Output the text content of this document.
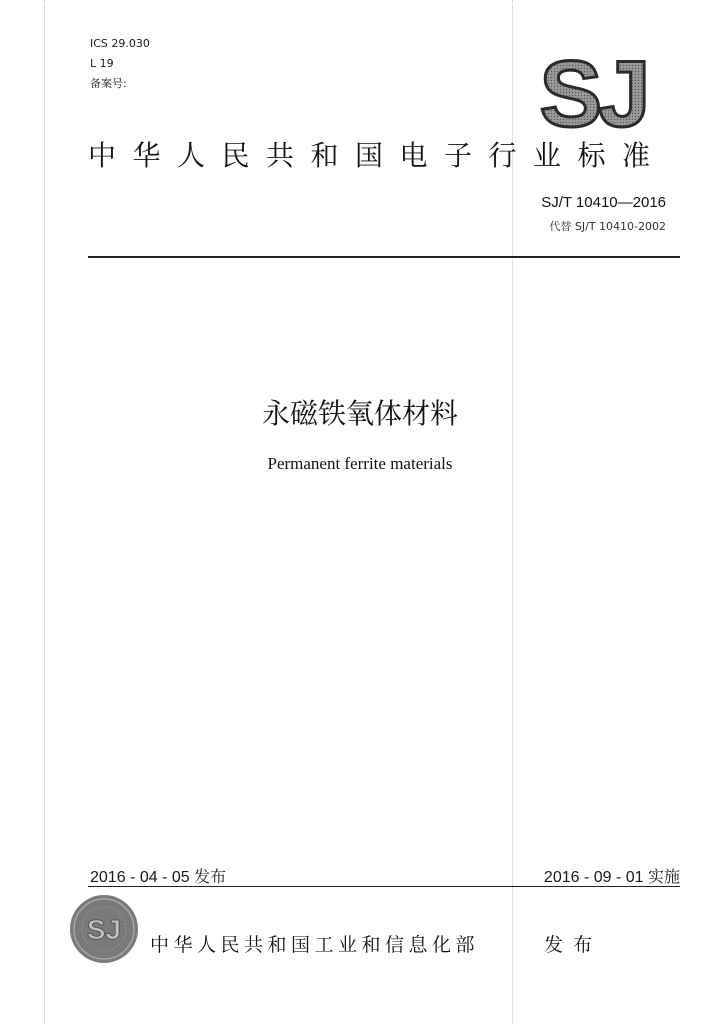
ICS 29.030
L 19
备案号:	SJ
中华人民共和国电子行业标准
SJ/T 10410—2016
代替 SJ/T 10410-2002
永磁铁氧体材料
Permanent ferrite materials
2016 - 04 - 05 发布	2016 - 09 - 01 实施
SJ 中华人民共和国工业和信息化部	发布
